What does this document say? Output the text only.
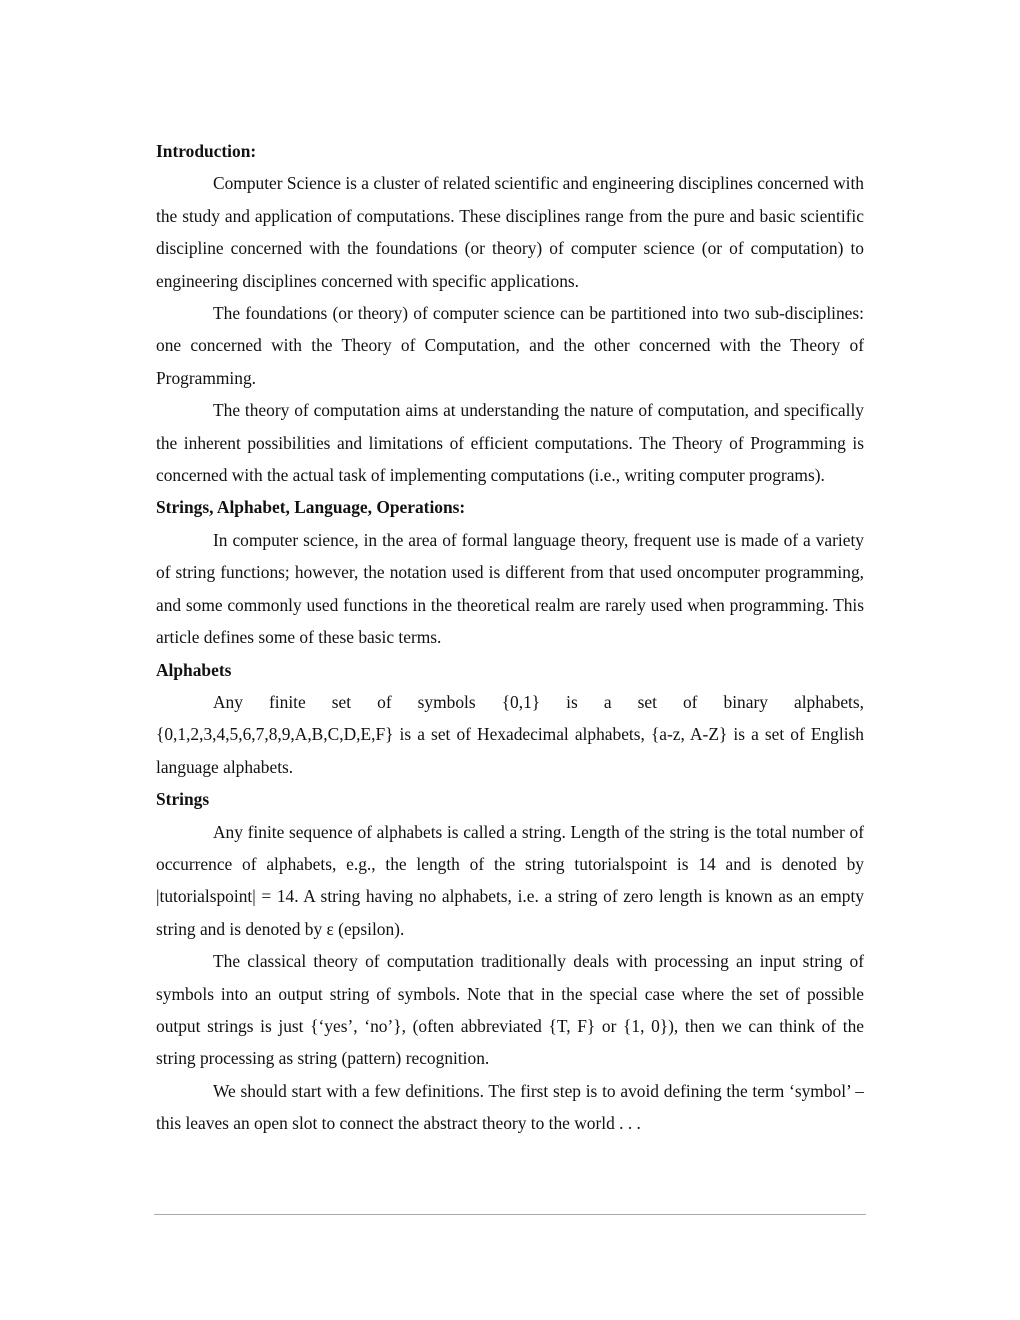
Introduction:

Computer Science is a cluster of related scientific and engineering disciplines concerned with the study and application of computations. These disciplines range from the pure and basic scientific discipline concerned with the foundations (or theory) of computer science (or of computation) to engineering disciplines concerned with specific applications.

The foundations (or theory) of computer science can be partitioned into two sub-disciplines: one concerned with the Theory of Computation, and the other concerned with the Theory of Programming.

The theory of computation aims at understanding the nature of computation, and specifically the inherent possibilities and limitations of efficient computations. The Theory of Programming is concerned with the actual task of implementing computations (i.e., writing computer programs).

Strings, Alphabet, Language, Operations:

In computer science, in the area of formal language theory, frequent use is made of a variety of string functions; however, the notation used is different from that used oncomputer programming, and some commonly used functions in the theoretical realm are rarely used when programming. This article defines some of these basic terms.

Alphabets

Any finite set of symbols {0,1} is a set of binary alphabets, {0,1,2,3,4,5,6,7,8,9,A,B,C,D,E,F} is a set of Hexadecimal alphabets, {a-z, A-Z} is a set of English language alphabets.

Strings

Any finite sequence of alphabets is called a string. Length of the string is the total number of occurrence of alphabets, e.g., the length of the string tutorialspoint is 14 and is denoted by |tutorialspoint| = 14. A string having no alphabets, i.e. a string of zero length is known as an empty string and is denoted by ε (epsilon).

The classical theory of computation traditionally deals with processing an input string of symbols into an output string of symbols. Note that in the special case where the set of possible output strings is just {‘yes’, ‘no’}, (often abbreviated {T, F} or {1, 0}), then we can think of the string processing as string (pattern) recognition.

We should start with a few definitions. The first step is to avoid defining the term ‘symbol’ – this leaves an open slot to connect the abstract theory to the world . . .
